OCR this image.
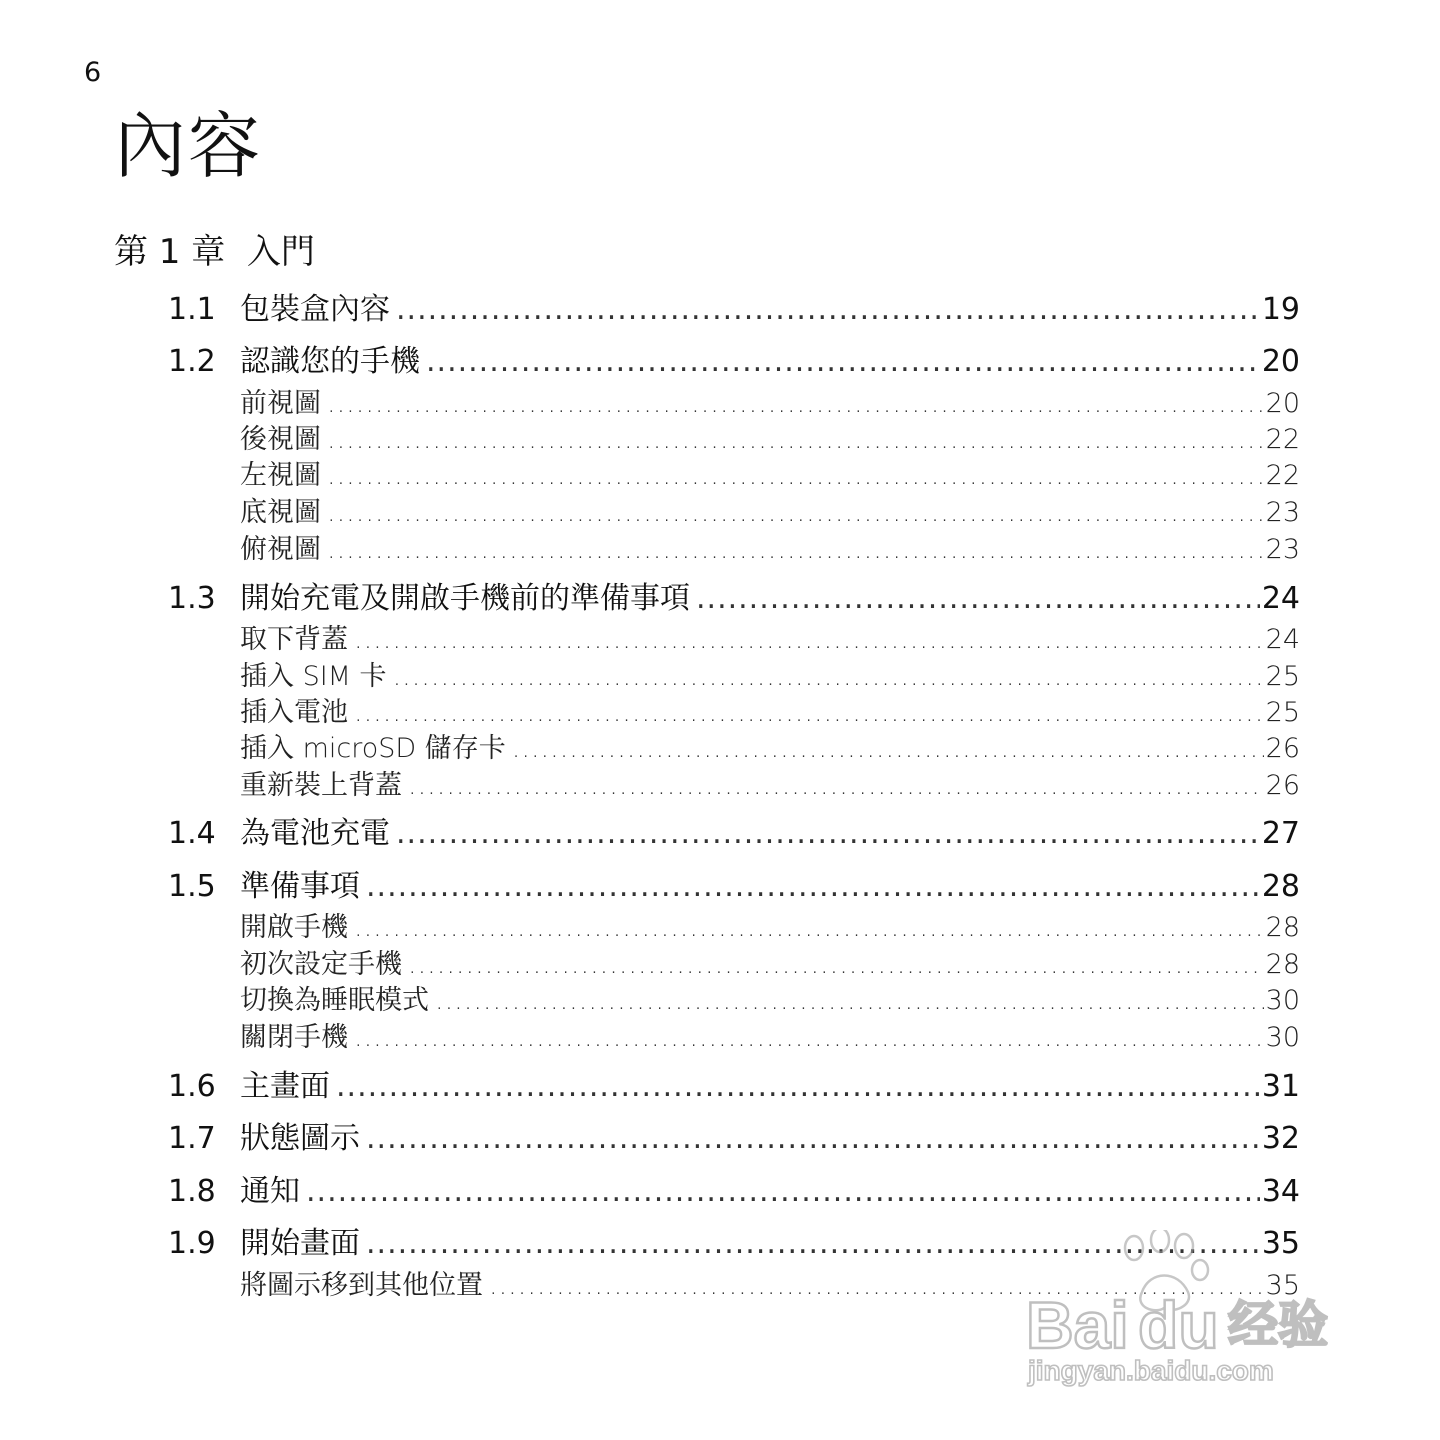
6
內容
第 1 章  入門
1.1 包裝盒內容 .....	19
1.2 認識您的手機 .....	20
前視圖 .....	20
後視圖 .....	22
左視圖 .....	22
底視圖 .....	23
俯視圖 .....	23
1.3 開始充電及開啟手機前的準備事項 .....	24
取下背蓋 .....	24
插入 SIM 卡 .....	25
插入電池 .....	25
插入 microSD 儲存卡 .....	26
重新裝上背蓋 .....	26
1.4 為電池充電 .....	27
1.5 準備事項 .....	28
開啟手機 .....	28
初次設定手機 .....	28
切換為睡眠模式 .....	30
關閉手機 .....	30
1.6 主畫面 .....	31
1.7 狀態圖示 .....	32
1.8 通知 .....	34
1.9 開始畫面 .....	35
將圖示移到其他位置 .....	35
Bai du 经验
jingyan.baidu.com
